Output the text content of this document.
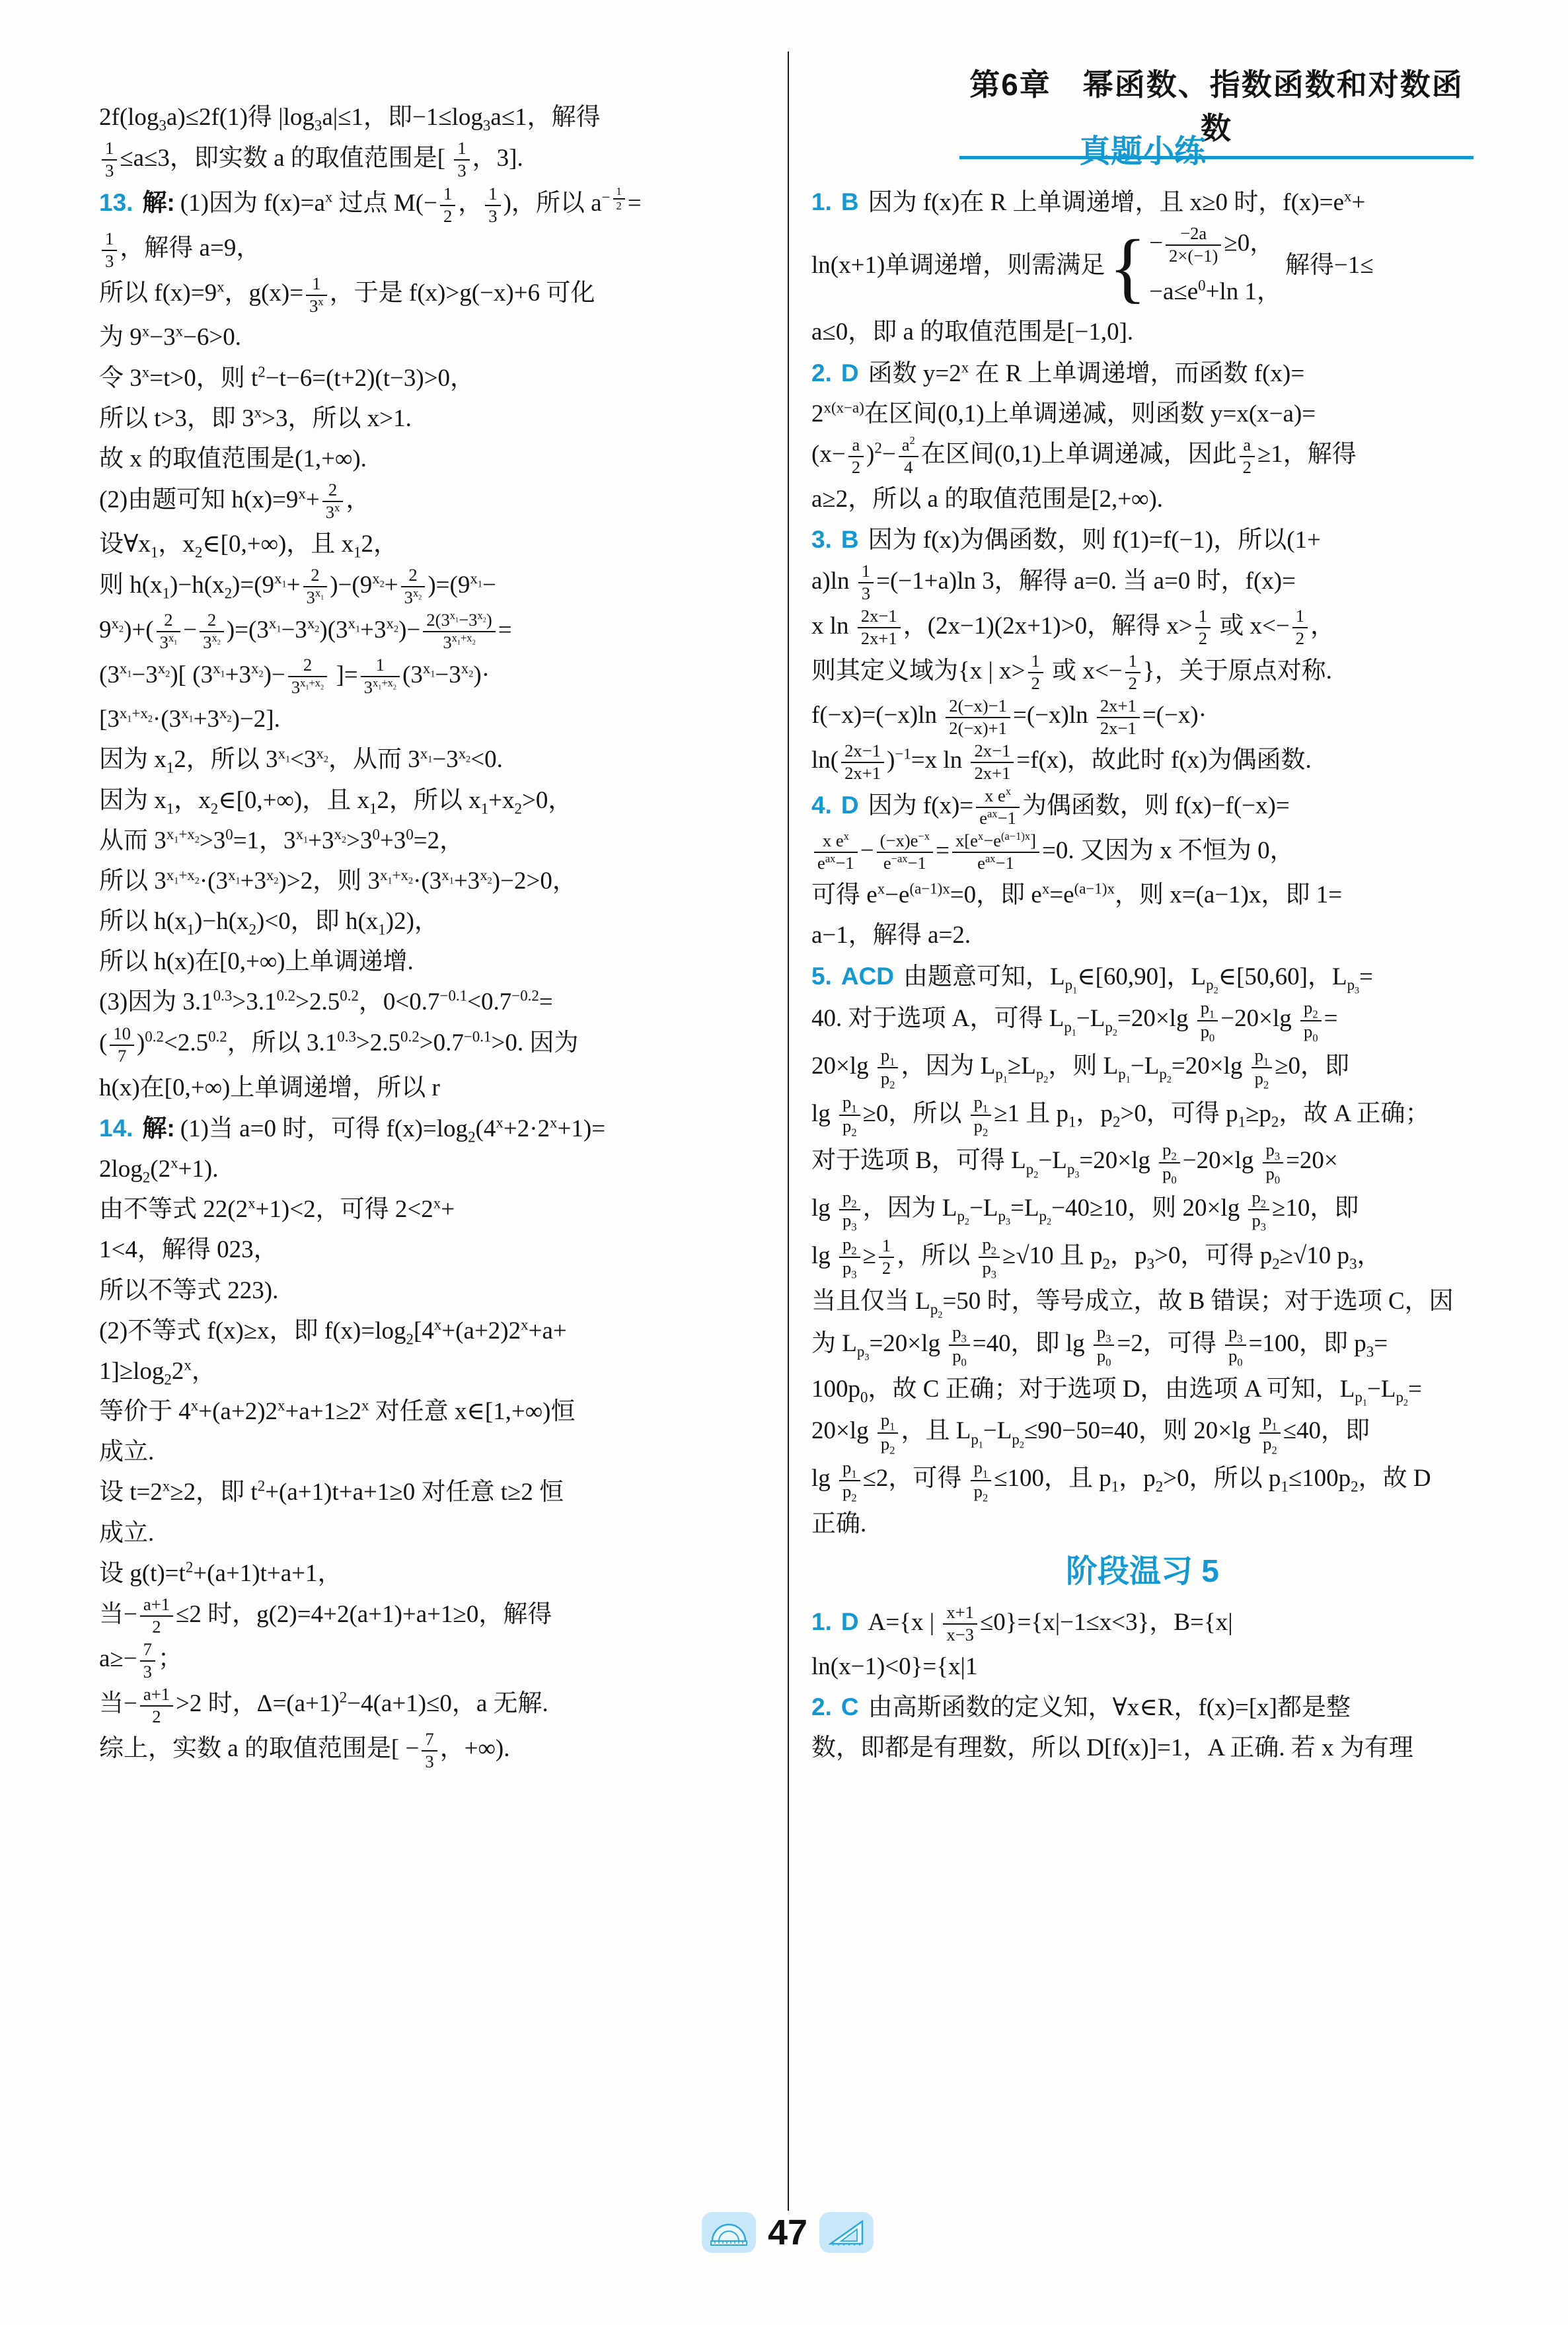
第6章　幂函数、指数函数和对数函数
$2f(\log_3a)\le 2f(1)$得 $|\log_3a|\le 1$，即$-1\le\log_3a\le 1$，解得
$\frac{1}{3} \le a\le 3$，即实数 a 的取值范围是[ $\frac{1}{3}$ ，3].
13. 解: (1)因为 $f(x)=a^x$ 过点 $M(- \frac{1}{2}$ ， $\frac{1}{3}$ )，所以 $a^{- \frac{1}{2}}$ =
$\frac{1}{3}$ ，解得 a=9，
所以 $f(x)=9^x$，$g(x)= \frac{1}{3^x}$ ，于是 f(x)>g(−x)+6 可化
为 $9^x-3^x-6>0$.
令 $3^x=t>0$，则 $t^2-t-6=(t+2)(t-3)>0$，
所以 t>3，即 $3^x>3$，所以 x>1.
故 x 的取值范围是(1,+∞).
(2)由题可知 $h(x)=9^x+ \frac{2}{3^x}$ ，
设$\forall x_1$，$x_2\in[0,+\infty)$，且 $x_12$，
则 $h(x_1)-h(x_2)=(9^{x_1}+ \frac{2}{3^{x_1}} )-(9^{x_2}+ \frac{2}{3^{x_2}} )=(9^{x_1}-$
$9^{x_2})+( \frac{2}{3^{x_1}} - \frac{2}{3^{x_2}} )=(3^{x_1}-3^{x_2})(3^{x_1}+3^{x_2})- \frac{2(3^{x_1}-3^{x_2})}{3^{x_1+x_2}}$ =
$(3^{x_1}-3^{x_2})$[ $(3^{x_1}+3^{x_2})- \frac{2}{3^{x_1+x_2}}$ ]= $\frac{1}{3^{x_1+x_2}} (3^{x_1}-3^{x_2})\cdot$
$[3^{x_1+x_2}\cdot(3^{x_1}+3^{x_2})-2]$.
因为 $x_12$，所以 $3^{x_1}<3^{x_2}$，从而 $3^{x_1}-3^{x_2}<0$.
因为 $x_1$，$x_2\in[0,+\infty)$，且 $x_12$，所以 $x_1+x_2>0$，
从而 $3^{x_1+x_2}>3^0=1$，$3^{x_1}+3^{x_2}>3^0+3^0=2$，
所以 $3^{x_1+x_2}\cdot(3^{x_1}+3^{x_2})>2$，则 $3^{x_1+x_2}\cdot(3^{x_1}+3^{x_2})-2>0$，
所以 $h(x_1)-h(x_2)<0$，即 $h(x_1)2$)，
所以 h(x)在[0,+∞)上单调递增.
(3)因为 $3.1^{0.3}>3.1^{0.2}>2.5^{0.2}$，$0<0.7^{-0.1}<0.7^{-0.2}=$
( $\frac{10}{7} )^{0.2}<2.5^{0.2}$，所以 $3.1^{0.3}>2.5^{0.2}>0.7^{-0.1}>0$. 因为
h(x)在[0,+∞)上单调递增，所以 r
14. 解: (1)当 a=0 时，可得 $f(x)=\log_2(4^x+2\cdot 2^x+1)=$
$2\log_2(2^x+1)$.
由不等式 $22(2^x+1)<2$，可得 $2<2^x+$
1<4，解得 023，
所以不等式 223).
(2)不等式 f(x)≥x，即 $f(x)=\log_2[4^x+(a+2)2^x+a+$
$1]\ge\log_22^x$，
等价于 $4^x+(a+2)2^x+a+1\ge 2^x$ 对任意 x∈[1,+∞)恒
成立.
设 $t=2^x\ge 2$，即 $t^2+(a+1)t+a+1\ge 0$ 对任意 t≥2 恒
成立.
设 $g(t)=t^2+(a+1)t+a+1$，
当− $\frac{a+1}{2} \le 2$ 时，g(2)=4+2(a+1)+a+1≥0，解得
$a\ge- \frac{7}{3}$ ；
当− $\frac{a+1}{2} >2$ 时，$\Delta=(a+1)^2-4(a+1)\le 0$，a 无解.
综上，实数 a 的取值范围是[ − $\frac{7}{3}$ ，+∞).
真题小练
1. B 因为 f(x)在 R 上单调递增，且 x≥0 时，$f(x)=e^x+$
ln(x+1)单调递增，则需满足 { − $\frac{-2a}{2\times(-1)} \ge 0$，
$-a\le e^0+\ln$ 1，
解得−1≤
a≤0，即 a 的取值范围是[−1,0].
2. D 函数 $y=2^x$ 在 R 上单调递增，而函数 f(x)=
$2^{x(x-a)}$在区间(0,1)上单调递减，则函数 y=x(x−a)=
$(x- \frac{a}{2} )^2- \frac{a^2}{4}$ 在区间(0,1)上单调递减，因此 $\frac{a}{2} \ge 1$，解得
a≥2，所以 a 的取值范围是[2,+∞).
3. B 因为 f(x)为偶函数，则 f(1)=f(−1)，所以(1+
$a)\ln \frac{1}{3} =(-1+a)\ln$ 3，解得 a=0. 当 a=0 时，f(x)=
x $\ln \frac{2x-1}{2x+1}$ ，(2x−1)(2x+1)>0，解得 $x> \frac{1}{2}$ 或 $x<- \frac{1}{2}$ ，
则其定义域为{x | $x> \frac{1}{2}$ 或 $x<- \frac{1}{2}$ }，关于原点对称.
$f(-x)=(-x)\ln \frac{2(-x)-1}{2(-x)+1} =(-x)\ln \frac{2x+1}{2x-1} =(-x)\cdot$
$\ln( \frac{2x-1}{2x+1} )^{-1}=x$ $\ln \frac{2x-1}{2x+1} =f(x)$，故此时 f(x)为偶函数.
4. D 因为 f(x)= x $e^x$
$e^{ax}-1$ 为偶函数，则 f(x)−f(−x)=
x $e^x$
$e^{ax}-1 - \frac{(-x)e^{-x}}{e^{-ax}-1} = x[e^x-e^{(a-1)x}]$
$e^{ax}-1$	=0. 又因为 x 不恒为 0，
可得 $e^x-e^{(a-1)x}=0$，即 $e^x=e^{(a-1)x}$，则 x=(a−1)x，即 1=
a−1，解得 a=2.
5. ACD 由题意可知，$L_{p_1}\in[60,90]$，$L_{p_2}\in[50,60]$，$L_{p_3}=$
40. 对于选项 A，可得 $L_{p_1}-L_{p_2}=20\times\lg \frac{p_1}{p_0} -20\times\lg \frac{p_2}{p_0}$ =
$20\times\lg \frac{p_1}{p_2}$ ，因为 $L_{p_1}\ge L_{p_2}$，则 $L_{p_1}-L_{p_2}=20\times\lg \frac{p_1}{p_2} \ge 0$，即
$\lg \frac{p_1}{p_2} \ge 0$，所以 $\frac{p_1}{p_2} \ge 1$ 且 $p_1$，$p_2>0$，可得 $p_1\ge p_2$，故 A 正确；
对于选项 B，可得 $L_{p_2}-L_{p_3}=20\times\lg \frac{p_2}{p_0} -20\times\lg \frac{p_3}{p_0} =20\times$
$\lg \frac{p_2}{p_3}$ ，因为 $L_{p_2}-L_{p_3}=L_{p_2}-40\ge 10$，则 $20\times\lg \frac{p_2}{p_3} \ge 10$，即
$\lg \frac{p_2}{p_3} \ge \frac{1}{2}$ ，所以 $\frac{p_2}{p_3} \ge√10$ 且 $p_2$，$p_3>0$，可得 $p_2\ge√10$ $p_3$，
当且仅当 $L_{p_2}=50$ 时，等号成立，故 B 错误；对于选项 C，因
为 $L_{p_3}=20\times\lg \frac{p_3}{p_0} =40$，即 $\lg \frac{p_3}{p_0} =2$，可得 $\frac{p_3}{p_0} =100$，即 $p_3=$
$100p_0$，故 C 正确；对于选项 D，由选项 A 可知，$L_{p_1}-L_{p_2}=$
$20\times\lg \frac{p_1}{p_2}$ ，且 $L_{p_1}-L_{p_2}\le 90-50=40$，则 $20\times\lg \frac{p_1}{p_2} \le 40$，即
$\lg \frac{p_1}{p_2} \le 2$，可得 $\frac{p_1}{p_2} \le 100$，且 $p_1$，$p_2>0$，所以 $p_1\le 100p_2$，故 D
正确.
阶段温习 5
1. D A={x | $\frac{x+1}{x-3} \le 0\}=\{x|-1\le x<3\}$，B={x|
ln(x−1)<0}={x|1
2. C 由高斯函数的定义知，∀x∈R，f(x)=[x]都是整
数，即都是有理数，所以 D[f(x)]=1，A 正确. 若 x 为有理
47
